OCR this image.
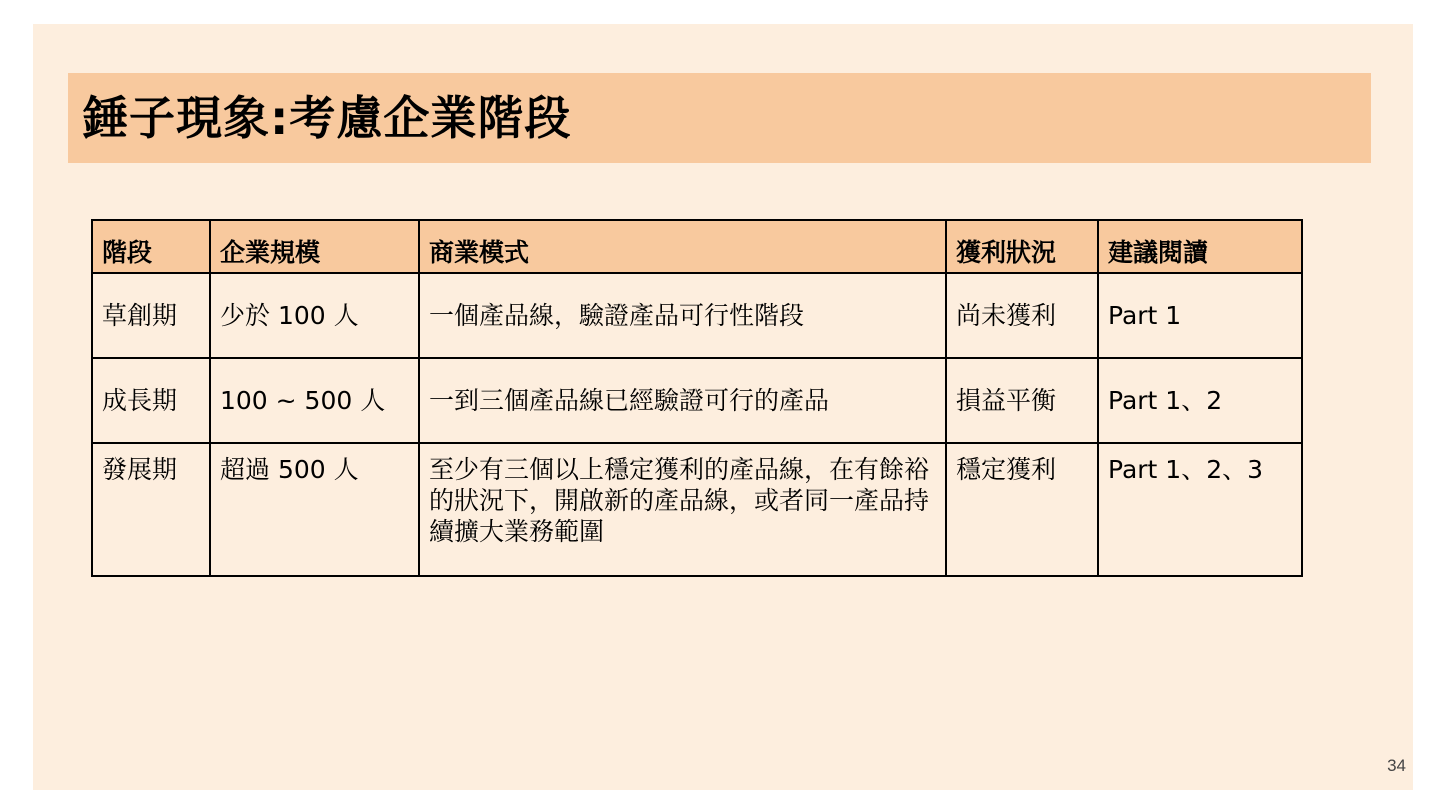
錘子現象:考慮企業階段
階段	企業規模	商業模式	獲利狀況	建議閱讀
草創期	少於 100 人	一個產品線，驗證產品可行性階段	尚未獲利	Part 1
成長期	100 ~ 500 人	一到三個產品線已經驗證可行的產品	損益平衡	Part 1、2
發展期	超過 500 人	至少有三個以上穩定獲利的產品線，在有餘裕的狀況下，開啟新的產品線，或者同一產品持續擴大業務範圍	穩定獲利	Part 1、2、3
34
